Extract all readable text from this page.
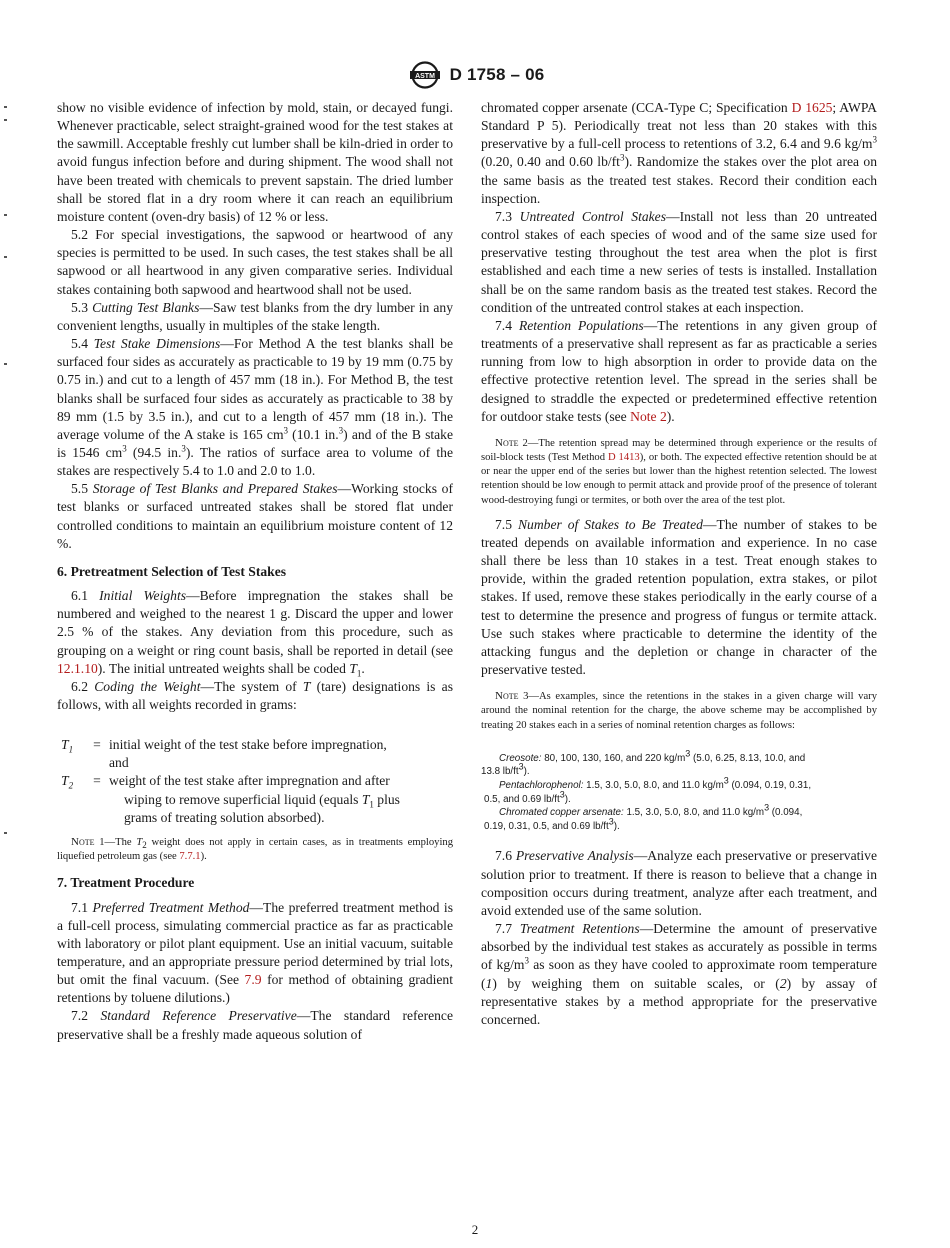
ASTM D 1758 – 06

show no visible evidence of infection by mold, stain, or decayed fungi. Whenever practicable, select straight-grained wood for the test stakes at the sawmill. Acceptable freshly cut lumber shall be kiln-dried in order to avoid fungus infection before and during shipment. The wood shall not have been treated with chemicals to prevent sapstain. The dried lumber shall be stored flat in a dry room where it can reach an equilibrium moisture content (oven-dry basis) of 12 % or less.

5.2 For special investigations, the sapwood or heartwood of any species is permitted to be used. In such cases, the test stakes shall be all sapwood or all heartwood in any given comparative series. Individual stakes containing both sapwood and heartwood shall not be used.

5.3 Cutting Test Blanks—Saw test blanks from the dry lumber in any convenient lengths, usually in multiples of the stake length.

5.4 Test Stake Dimensions—For Method A the test blanks shall be surfaced four sides as accurately as practicable to 19 by 19 mm (0.75 by 0.75 in.) and cut to a length of 457 mm (18 in.). For Method B, the test blanks shall be surfaced four sides as accurately as practicable to 38 by 89 mm (1.5 by 3.5 in.), and cut to a length of 457 mm (18 in.). The average volume of the A stake is 165 $cm^3$ (10.1 in.$^3$) and of the B stake is 1546 $cm^3$ (94.5 in.$^3$). The ratios of surface area to volume of the stakes are respectively 5.4 to 1.0 and 2.0 to 1.0.

5.5 Storage of Test Blanks and Prepared Stakes—Working stocks of test blanks or surfaced untreated stakes shall be stored flat under controlled conditions to maintain an equilibrium moisture content of 12 %.

6. Pretreatment Selection of Test Stakes

6.1 Initial Weights—Before impregnation the stakes shall be numbered and weighed to the nearest 1 g. Discard the upper and lower 2.5 % of the stakes. Any deviation from this procedure, such as grouping on a weight or ring count basis, shall be reported in detail (see 12.1.10). The initial untreated weights shall be coded $T_1$.

6.2 Coding the Weight—The system of T (tare) designations is as follows, with all weights recorded in grams:

$T_1$	= initial weight of the test stake before impregnation,
and
$T_2$	= weight of the test stake after impregnation and after
wiping to remove superficial liquid (equals $T_1$ plus
grams of treating solution absorbed).

Note 1—The $T_2$ weight does not apply in certain cases, as in treatments employing liquefied petroleum gas (see 7.7.1).

7. Treatment Procedure

7.1 Preferred Treatment Method—The preferred treatment method is a full-cell process, simulating commercial practice as far as practicable with laboratory or pilot plant equipment. Use an initial vacuum, suitable temperature, and an appropriate pressure period determined by trial lots, but omit the final vacuum. (See 7.9 for method of obtaining gradient retentions by toluene dilutions.)

7.2 Standard Reference Preservative—The standard reference preservative shall be a freshly made aqueous solution of

chromated copper arsenate (CCA-Type C; Specification D 1625; AWPA Standard P 5). Periodically treat not less than 20 stakes with this preservative by a full-cell process to retentions of 3.2, 6.4 and 9.6 $kg/m^3$ (0.20, 0.40 and 0.60 $lb/ft^3$). Randomize the stakes over the plot area on the same basis as the treated test stakes. Record their condition each inspection.

7.3 Untreated Control Stakes—Install not less than 20 untreated control stakes of each species of wood and of the same size used for preservative testing throughout the test area when the plot is first established and each time a new series of tests is installed. Installation shall be on the same random basis as the treated test stakes. Record the condition of the untreated control stakes at each inspection.

7.4 Retention Populations—The retentions in any given group of treatments of a preservative shall represent as far as practicable a series running from low to high absorption in order to provide data on the effective protective retention level. The spread in the series shall be designed to straddle the expected or predetermined effective retention for outdoor stake tests (see Note 2).

Note 2—The retention spread may be determined through experience or the results of soil-block tests (Test Method D 1413), or both. The expected effective retention should be at or near the upper end of the series but lower than the highest retention selected. The lowest retention should be low enough to permit attack and provide proof of the presence of tolerant wood-destroying fungi or termites, or both over the area of the test plot.

7.5 Number of Stakes to Be Treated—The number of stakes to be treated depends on available information and experience. In no case shall there be less than 10 stakes in a test. Treat enough stakes to provide, within the graded retention population, extra stakes, or pilot stakes. If used, remove these stakes periodically in the early course of a test to determine the presence and progress of fungus or termite attack. Use such stakes where practicable to determine the identity of the attacking fungus and the depletion or change in character of the preservative tested.

Note 3—As examples, since the retentions in the stakes in a given charge will vary around the nominal retention for the charge, the above scheme may be accomplished by treating 20 stakes each in a series of nominal retention charges as follows:

Creosote: 80, 100, 130, 160, and 220 $kg/m^3$ (5.0, 6.25, 8.13, 10.0, and

13.8 $lb/ft^3$).

Pentachlorophenol: 1.5, 3.0, 5.0, 8.0, and 11.0 $kg/m^3$ (0.094, 0.19, 0.31,

0.5, and 0.69 $lb/ft^3$).

Chromated copper arsenate: 1.5, 3.0, 5.0, 8.0, and 11.0 $kg/m^3$ (0.094,

0.19, 0.31, 0.5, and 0.69 $lb/ft^3$).

7.6 Preservative Analysis—Analyze each preservative or preservative solution prior to treatment. If there is reason to believe that a change in composition occurs during treatment, analyze after each treatment, and avoid extended use of the same solution.

7.7 Treatment Retentions—Determine the amount of preservative absorbed by the individual test stakes as accurately as possible in terms of $kg/m^3$ as soon as they have cooled to approximate room temperature (1) by weighing them on suitable scales, or (2) by assay of representative stakes by a method appropriate for the preservative concerned.

2
